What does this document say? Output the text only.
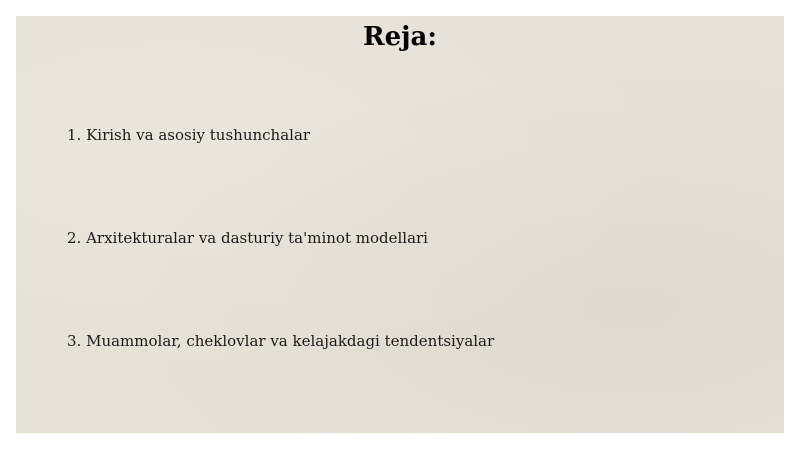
Reja:
1. Kirish va asosiy tushunchalar
2. Arxitekturalar va dasturiy ta'minot modellari
3. Muammolar, cheklovlar va kelajakdagi tendentsiyalar
